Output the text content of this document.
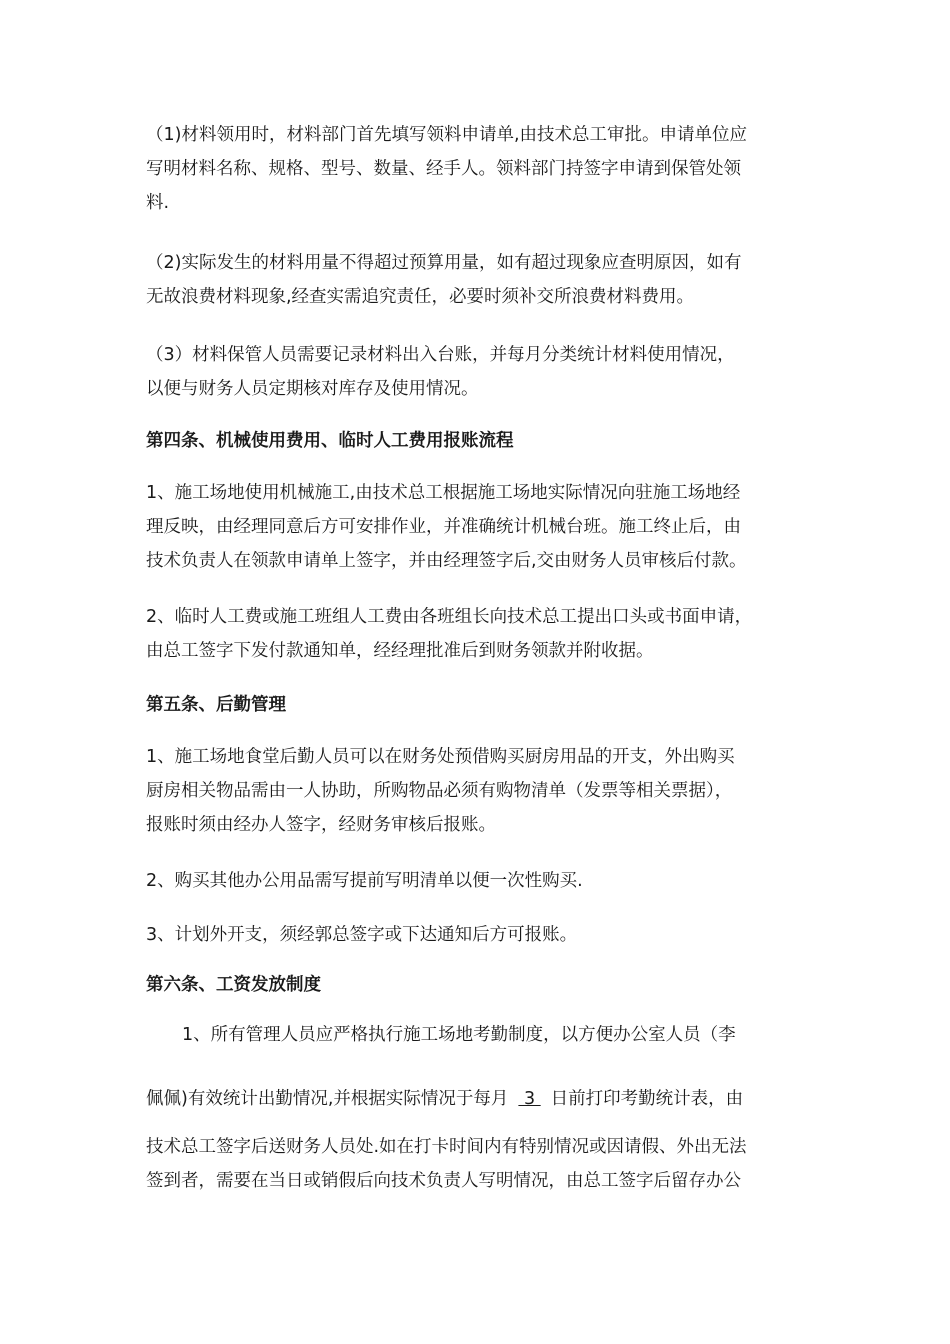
（1)材料领用时，材料部门首先填写领料申请单,由技术总工审批。申请单位应
写明材料名称、规格、型号、数量、经手人。领料部门持签字申请到保管处领
料.

（2)实际发生的材料用量不得超过预算用量，如有超过现象应查明原因，如有
无故浪费材料现象,经查实需追究责任，必要时须补交所浪费材料费用。

（3）材料保管人员需要记录材料出入台账，并每月分类统计材料使用情况，
以便与财务人员定期核对库存及使用情况。

第四条、机械使用费用、临时人工费用报账流程

1、施工场地使用机械施工,由技术总工根据施工场地实际情况向驻施工场地经
理反映，由经理同意后方可安排作业，并准确统计机械台班。施工终止后，由
技术负责人在领款申请单上签字，并由经理签字后,交由财务人员审核后付款。

2、临时人工费或施工班组人工费由各班组长向技术总工提出口头或书面申请，
由总工签字下发付款通知单，经经理批准后到财务领款并附收据。

第五条、后勤管理

1、施工场地食堂后勤人员可以在财务处预借购买厨房用品的开支，外出购买
厨房相关物品需由一人协助，所购物品必须有购物清单（发票等相关票据），
报账时须由经办人签字，经财务审核后报账。

2、购买其他办公用品需写提前写明清单以便一次性购买.

3、计划外开支，须经郭总签字或下达通知后方可报账。

第六条、工资发放制度

1、所有管理人员应严格执行施工场地考勤制度，以方便办公室人员（李

佩佩)有效统计出勤情况,并根据实际情况于每月 3 日前打印考勤统计表，由

技术总工签字后送财务人员处.如在打卡时间内有特别情况或因请假、外出无法
签到者，需要在当日或销假后向技术负责人写明情况，由总工签字后留存办公
